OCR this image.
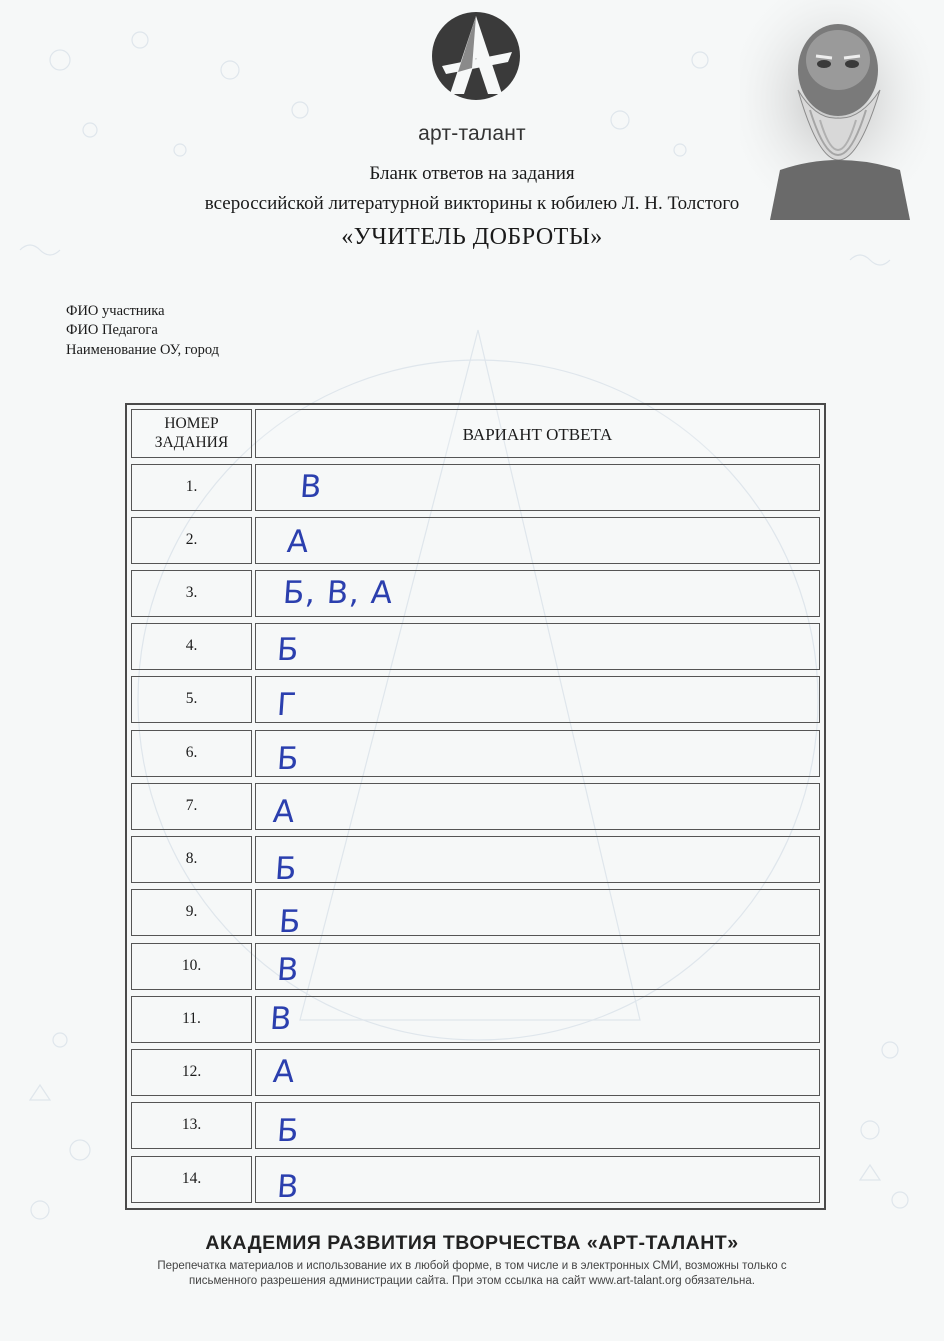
арт-талант
Бланк ответов на задания
всероссийской литературной викторины к юбилею Л. Н. Толстого
«УЧИТЕЛЬ ДОБРОТЫ»
ФИО участника
ФИО Педагога
Наименование ОУ, город
НОМЕР
ЗАДАНИЯ	ВАРИАНТ ОТВЕТА
1.	В
2.	А
3.	Б, В, А
4.	Б
5.	Г
6.	Б
7.	А
8.	Б
9.	Б
10.	В
11.	В
12.	А
13.	Б
14.	В
АКАДЕМИЯ РАЗВИТИЯ ТВОРЧЕСТВА «АРТ-ТАЛАНТ»
Перепечатка материалов и использование их в любой форме, в том числе и в электронных СМИ, возможны только с
письменного разрешения администрации сайта. При этом ссылка на сайт www.art-talant.org обязательна.
